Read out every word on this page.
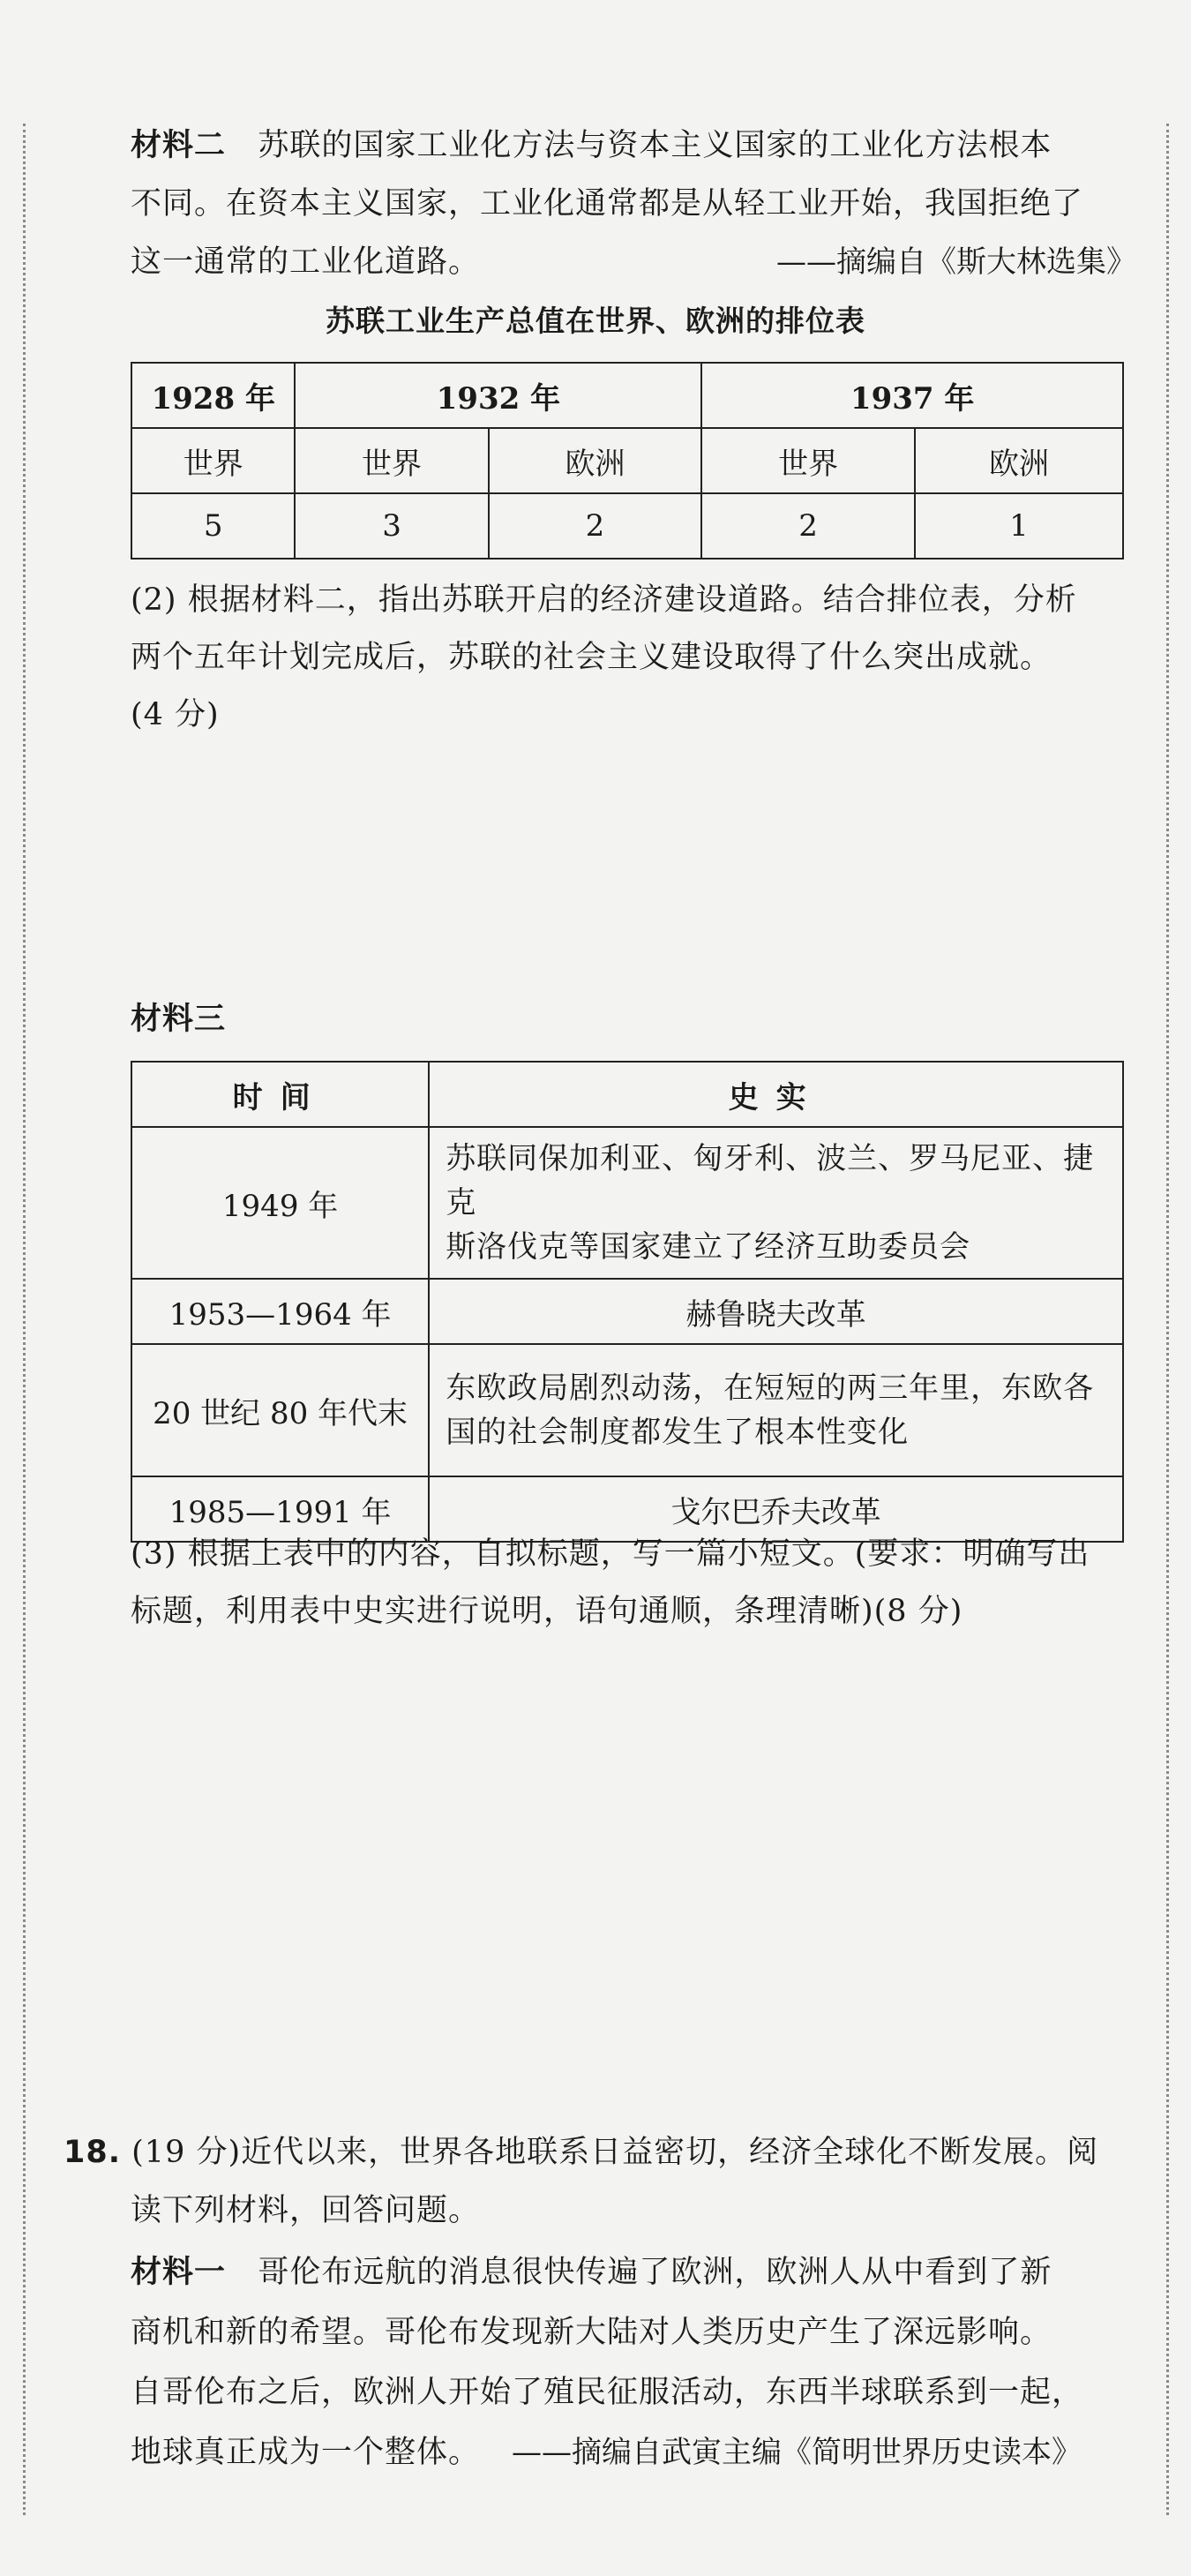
材料二 苏联的国家工业化方法与资本主义国家的工业化方法根本
不同。在资本主义国家，工业化通常都是从轻工业开始，我国拒绝了
这一通常的工业化道路。	——摘编自《斯大林选集》
苏联工业生产总值在世界、欧洲的排位表
1928 年	1932 年		1937 年	
世界	世界	欧洲	世界	欧洲
5	3	2	2	1
(2) 根据材料二，指出苏联开启的经济建设道路。结合排位表，分析
两个五年计划完成后，苏联的社会主义建设取得了什么突出成就。
(4 分)
材料三
时间	史实
1949 年	苏联同保加利亚、匈牙利、波兰、罗马尼亚、捷克
斯洛伐克等国家建立了经济互助委员会

1953—1964 年	赫鲁晓夫改革
20 世纪 80 年代末	东欧政局剧烈动荡，在短短的两三年里，东欧各
国的社会制度都发生了根本性变化

1985—1991 年	戈尔巴乔夫改革
(3) 根据上表中的内容，自拟标题，写一篇小短文。(要求：明确写出
标题，利用表中史实进行说明，语句通顺，条理清晰)(8 分)
18. (19 分)近代以来，世界各地联系日益密切，经济全球化不断发展。阅
读下列材料，回答问题。
材料一 哥伦布远航的消息很快传遍了欧洲，欧洲人从中看到了新
商机和新的希望。哥伦布发现新大陆对人类历史产生了深远影响。
自哥伦布之后，欧洲人开始了殖民征服活动，东西半球联系到一起，
地球真正成为一个整体。 ——摘编自武寅主编《简明世界历史读本》
